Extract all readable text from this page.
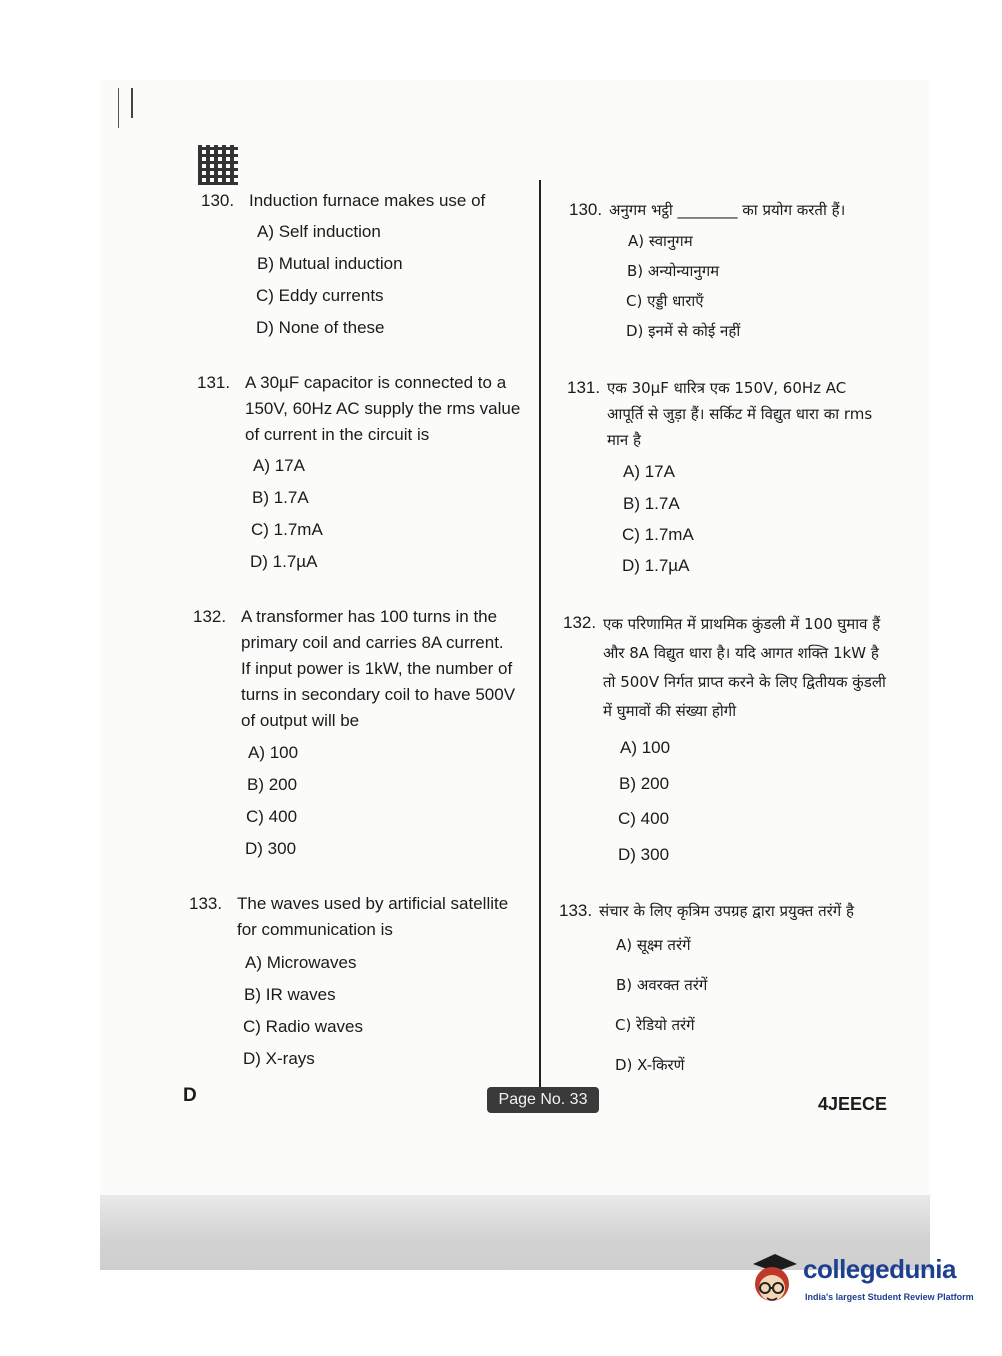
130. Induction furnace makes use of
A) Self induction
B) Mutual induction
C) Eddy currents
D) None of these
131. A 30µF capacitor is connected to a
150V, 60Hz AC supply the rms value
of current in the circuit is
A) 17A
B) 1.7A
C) 1.7mA
D) 1.7µA
132. A transformer has 100 turns in the
primary coil and carries 8A current.
If input power is 1kW, the number of
turns in secondary coil to have 500V
of output will be
A) 100
B) 200
C) 400
D) 300
133. The waves used by artificial satellite
for communication is
A) Microwaves
B) IR waves
C) Radio waves
D) X-rays
130. अनुगम भट्ठी ________ का प्रयोग करती हैं।
A) स्वानुगम
B) अन्योन्यानुगम
C) एड्डी धाराएँ
D) इनमें से कोई नहीं
131. एक 30µF धारित्र एक 150V, 60Hz AC
आपूर्ति से जुड़ा हैं। सर्किट में विद्युत धारा का rms
मान है
A) 17A
B) 1.7A
C) 1.7mA
D) 1.7µA
132. एक परिणामित में प्राथमिक कुंडली में 100 घुमाव हैं
और 8A विद्युत धारा है। यदि आगत शक्ति 1kW है
तो 500V निर्गत प्राप्त करने के लिए द्वितीयक कुंडली
में घुमावों की संख्या होगी
A) 100
B) 200
C) 400
D) 300
133. संचार के लिए कृत्रिम उपग्रह द्वारा प्रयुक्त तरंगें है
A) सूक्ष्म तरंगें
B) अवरक्त तरंगें
C) रेडियो तरंगें
D) X-किरणें
D	Page No. 33	4JEECE
collegedunia
India's largest Student Review Platform
